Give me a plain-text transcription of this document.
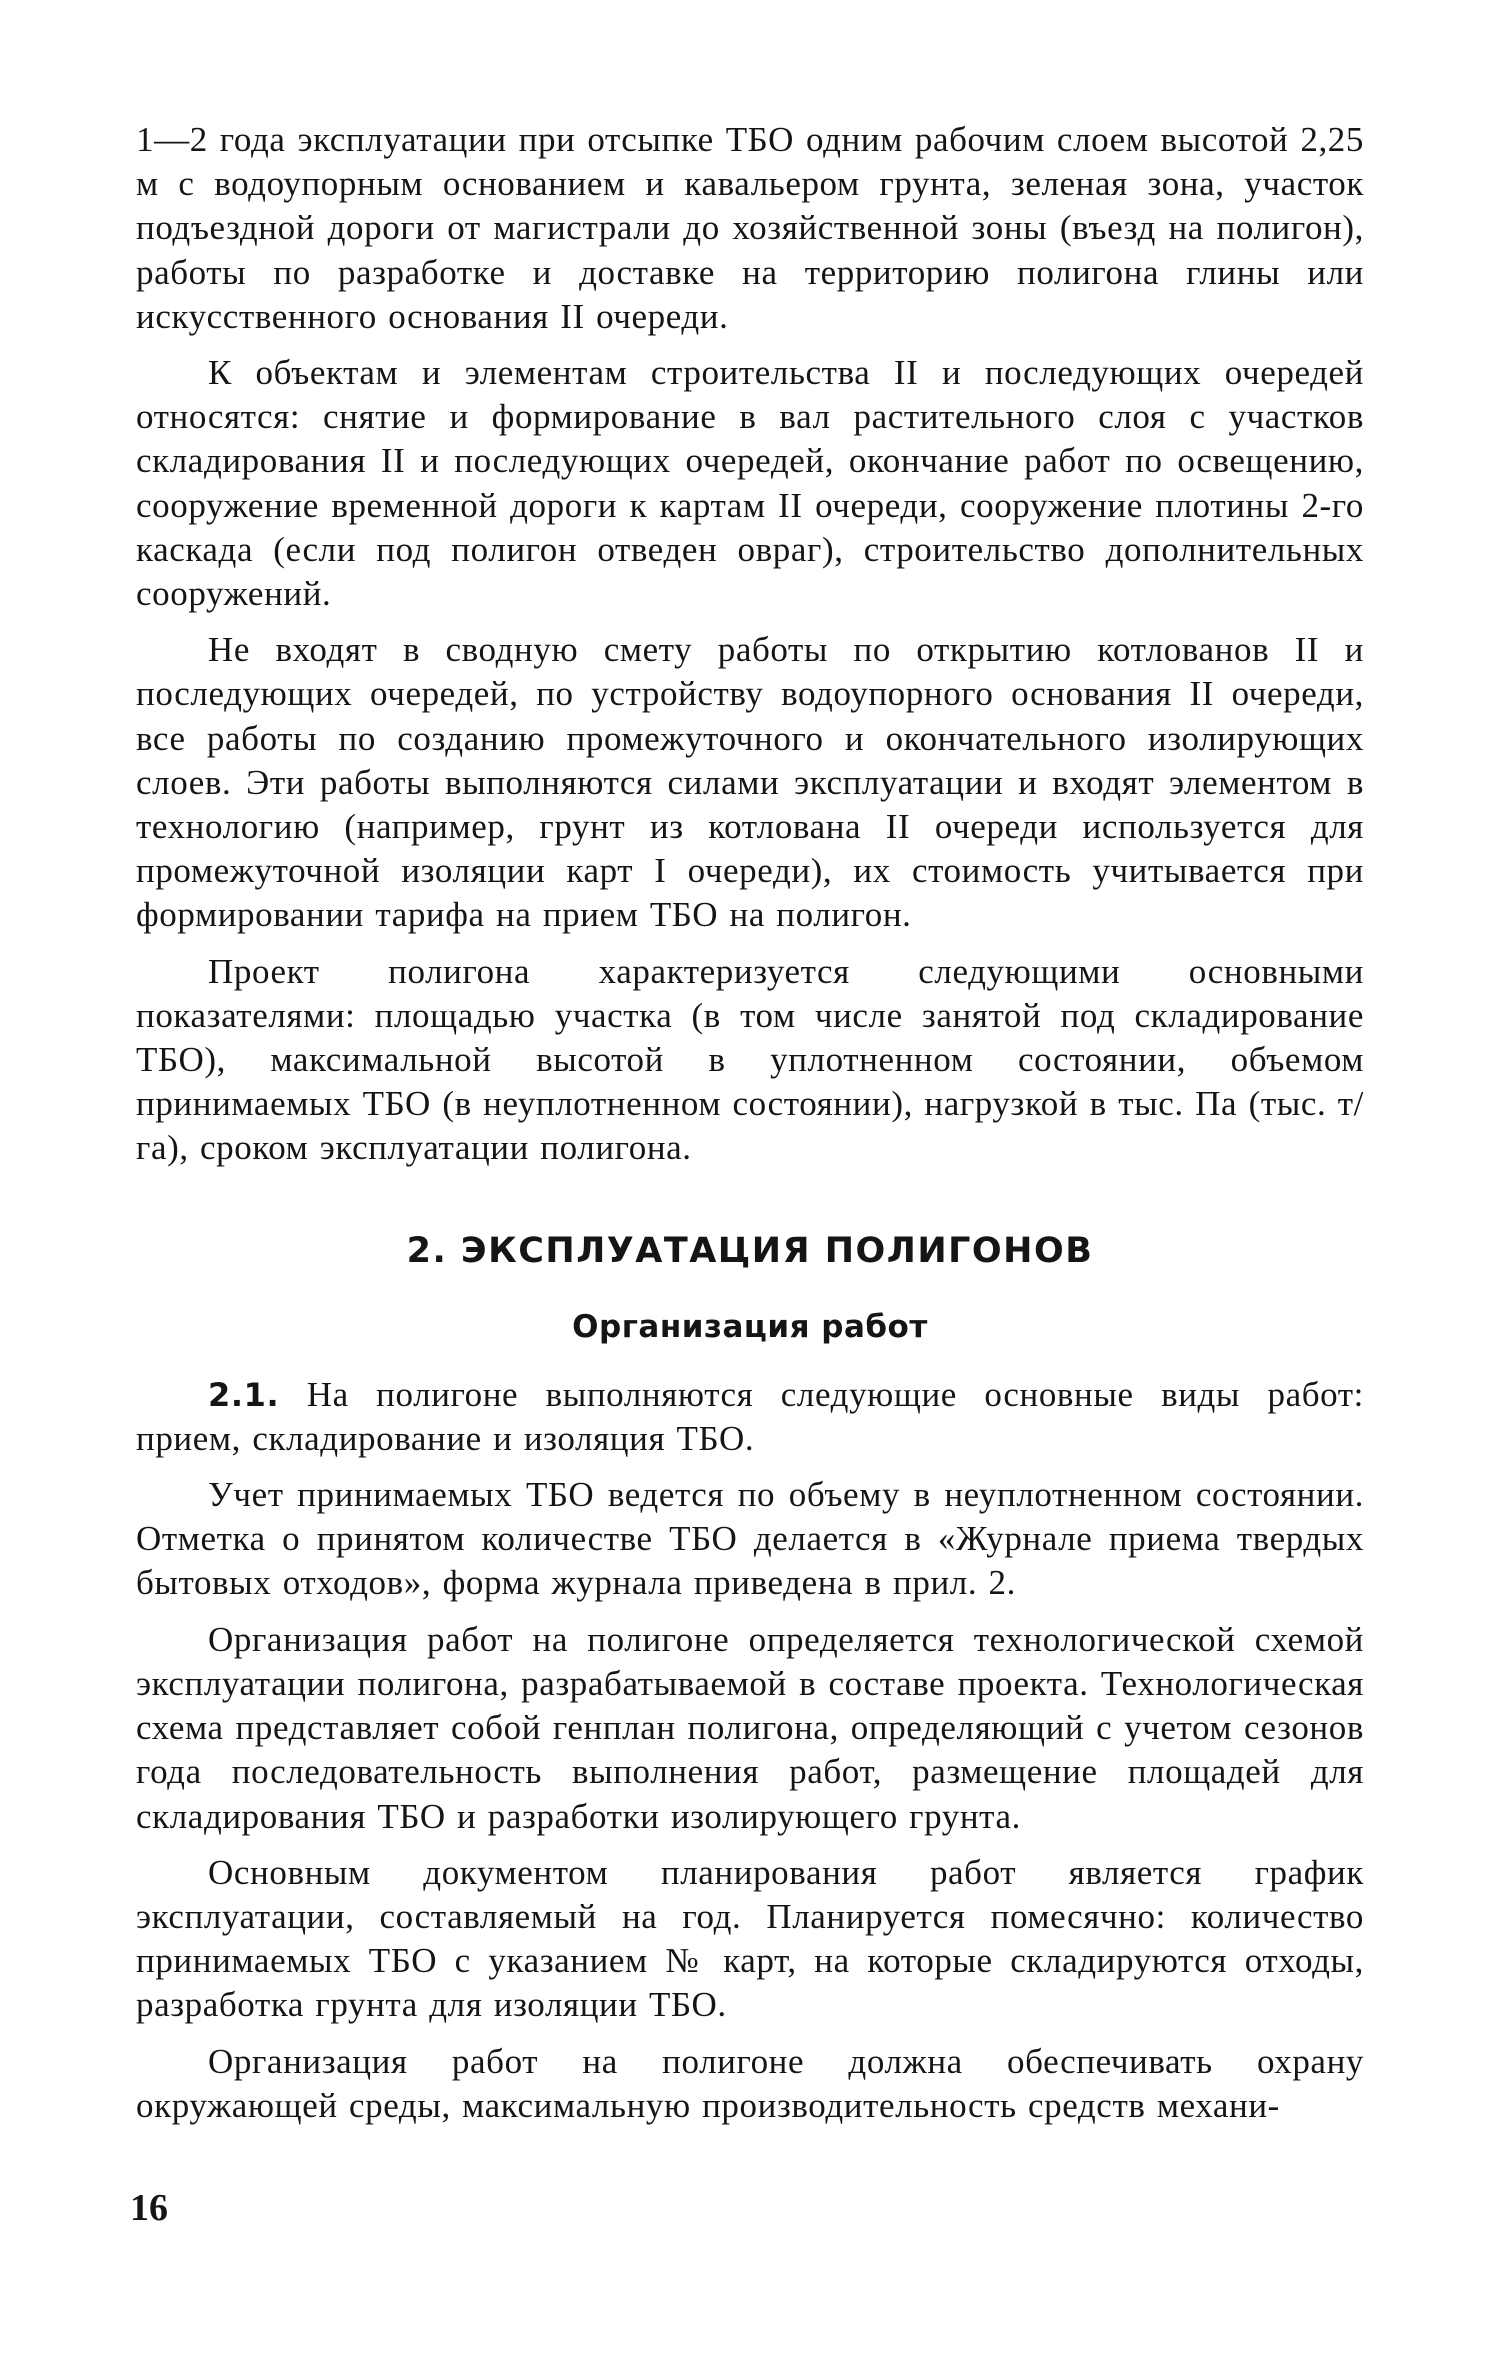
1—2 года эксплуатации при отсыпке ТБО одним рабочим слоем высотой 2,25 м с водоупорным основанием и кавальером грунта, зеленая зона, участок подъездной дороги от магистрали до хозяйственной зоны (въезд на полигон), работы по разработке и доставке на территорию полигона глины или искусственного основания II очереди.

К объектам и элементам строительства II и последующих очередей относятся: снятие и формирование в вал растительного слоя с участков складирования II и последующих очередей, окончание работ по освещению, сооружение временной дороги к картам II очереди, сооружение плотины 2-го каскада (если под полигон отведен овраг), строительство дополнительных сооружений.

Не входят в сводную смету работы по открытию котлованов II и последующих очередей, по устройству водоупорного основания II очереди, все работы по созданию промежуточного и окончательного изолирующих слоев. Эти работы выполняются силами эксплуатации и входят элементом в технологию (например, грунт из котлована II очереди используется для промежуточной изоляции карт I очереди), их стоимость учитывается при формировании тарифа на прием ТБО на полигон.

Проект полигона характеризуется следующими основными показателями: площадью участка (в том числе занятой под складирование ТБО), максимальной высотой в уплотненном состоянии, объемом принимаемых ТБО (в неуплотненном состоянии), нагрузкой в тыс. Па (тыс. т/га), сроком эксплуатации полигона.

2. ЭКСПЛУАТАЦИЯ ПОЛИГОНОВ
Организация работ

2.1. На полигоне выполняются следующие основные виды работ: прием, складирование и изоляция ТБО.

Учет принимаемых ТБО ведется по объему в неуплотненном состоянии. Отметка о принятом количестве ТБО делается в «Журнале приема твердых бытовых отходов», форма журнала приведена в прил. 2.

Организация работ на полигоне определяется технологической схемой эксплуатации полигона, разрабатываемой в составе проекта. Технологическая схема представляет собой генплан полигона, определяющий с учетом сезонов года последовательность выполнения работ, размещение площадей для складирования ТБО и разработки изолирующего грунта.

Основным документом планирования работ является график эксплуатации, составляемый на год. Планируется помесячно: количество принимаемых ТБО с указанием № карт, на которые складируются отходы, разработка грунта для изоляции ТБО.

Организация работ на полигоне должна обеспечивать охрану окружающей среды, максимальную производительность средств механи-

16
